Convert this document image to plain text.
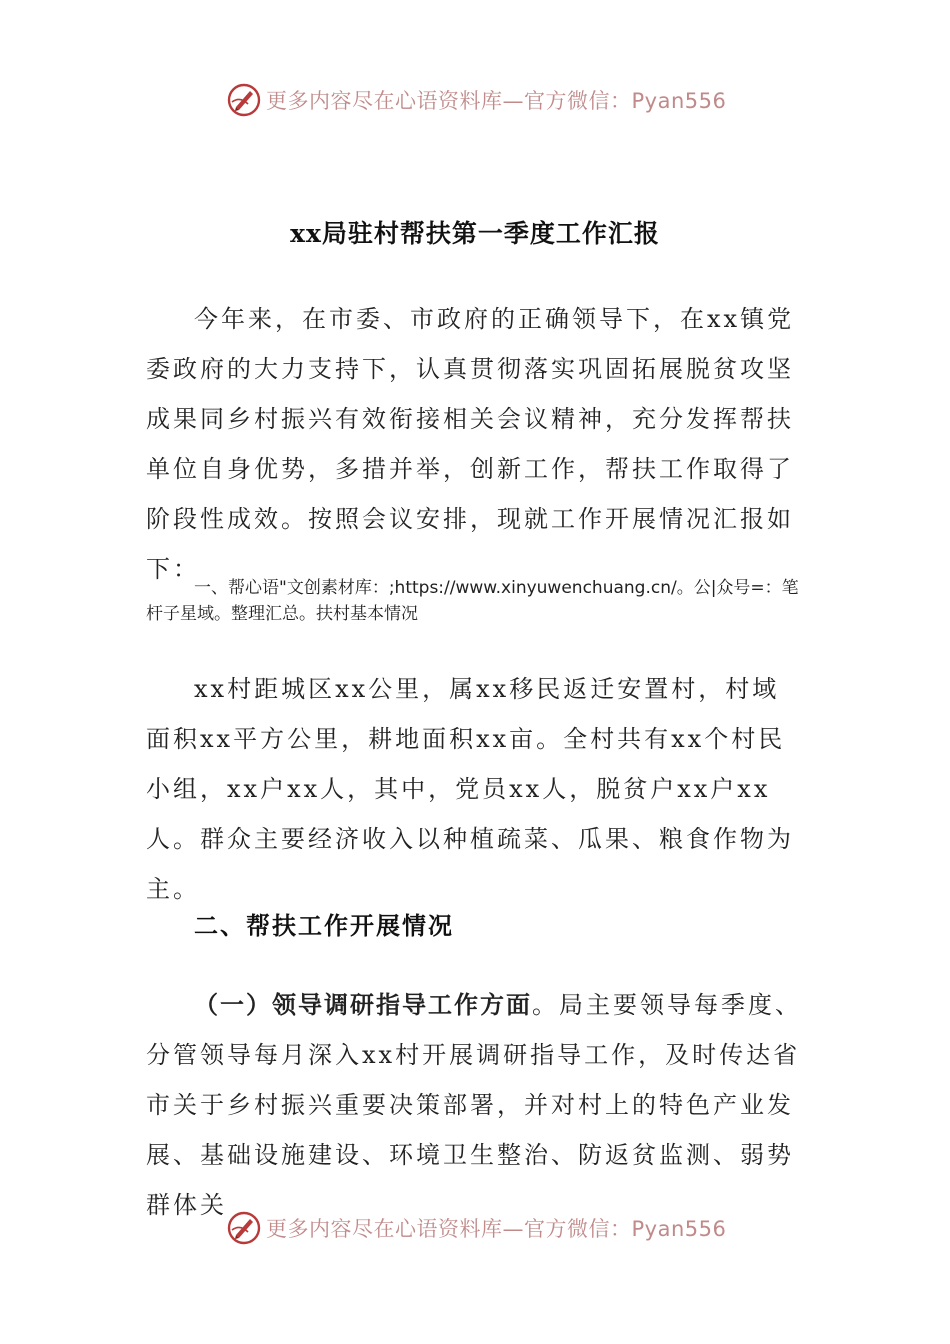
更多内容尽在心语资料库—官方微信：Pyan556
xx局驻村帮扶第一季度工作汇报

今年来，在市委、市政府的正确领导下，在xx镇党委政府的大力支持下，认真贯彻落实巩固拓展脱贫攻坚成果同乡村振兴有效衔接相关会议精神，充分发挥帮扶单位自身优势，多措并举，创新工作，帮扶工作取得了阶段性成效。按照会议安排，现就工作开展情况汇报如下：

一、帮心语"文创素材库：;https://www.xinyuwenchuang.cn/。公|众号=：笔杆子星域。整理汇总。扶村基本情况

xx村距城区xx公里，属xx移民返迁安置村，村域面积xx平方公里，耕地面积xx亩。全村共有xx个村民小组，xx户xx人，其中，党员xx人，脱贫户xx户xx人。群众主要经济收入以种植疏菜、瓜果、粮食作物为主。

二、帮扶工作开展情况

（一）领导调研指导工作方面。局主要领导每季度、分管领导每月深入xx村开展调研指导工作，及时传达省市关于乡村振兴重要决策部署，并对村上的特色产业发展、基础设施建设、环境卫生整治、防返贫监测、弱势群体关

更多内容尽在心语资料库—官方微信：Pyan556
